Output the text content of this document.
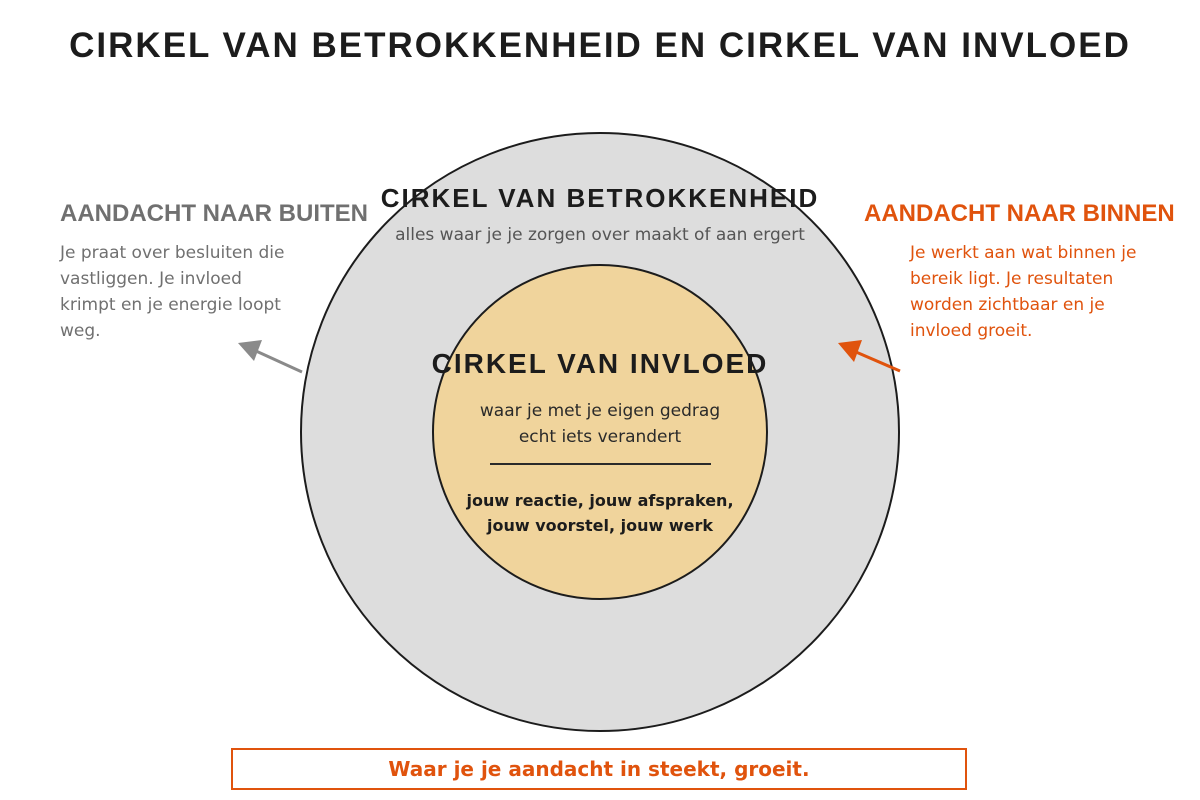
CIRKEL VAN BETROKKENHEID EN CIRKEL VAN INVLOED
CIRKEL VAN BETROKKENHEID
alles waar je je zorgen over maakt of aan ergert
CIRKEL VAN INVLOED
waar je met je eigen gedrag
echt iets verandert
jouw reactie, jouw afspraken,
jouw voorstel, jouw werk
AANDACHT NAAR BUITEN
Je praat over besluiten die
vastliggen. Je invloed
krimpt en je energie loopt
weg.
AANDACHT NAAR BINNEN
Je werkt aan wat binnen je
bereik ligt. Je resultaten
worden zichtbaar en je
invloed groeit.
Waar je je aandacht in steekt, groeit.
